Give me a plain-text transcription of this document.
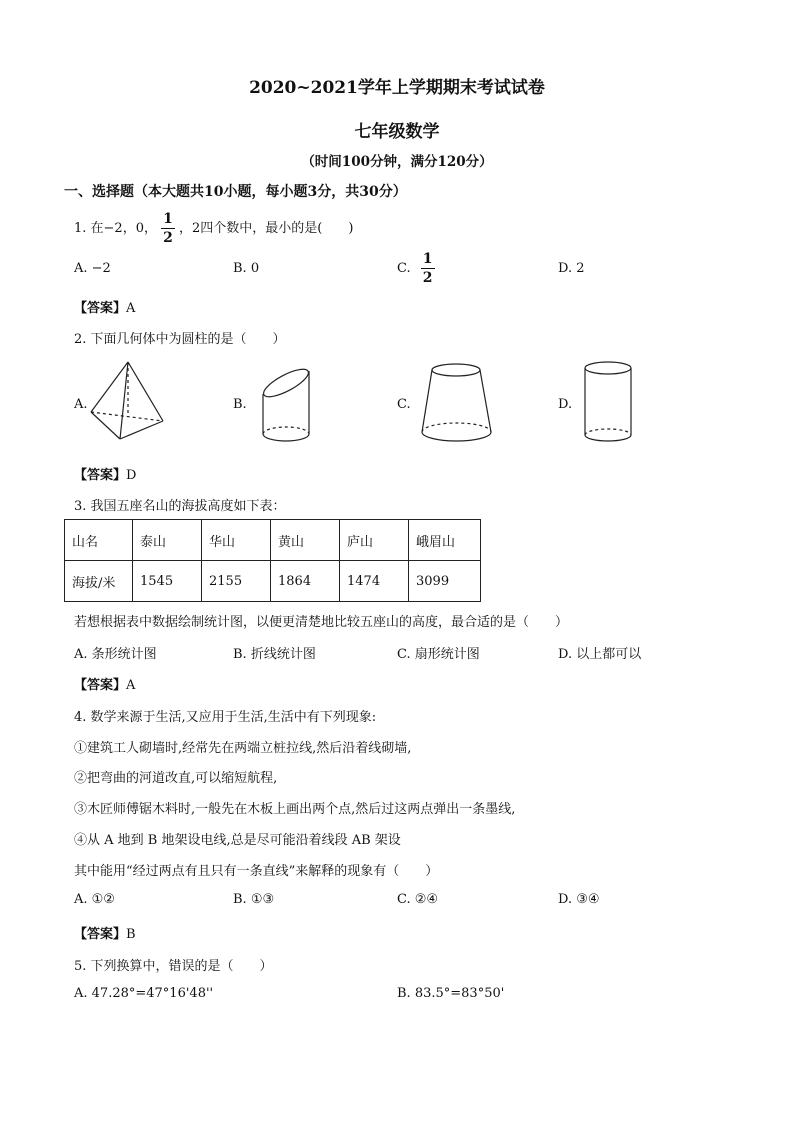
2020~2021学年上学期期末考试试卷
七年级数学
（时间100分钟，满分120分）
一、选择题（本大题共10小题，每小题3分，共30分）
1. 在−2，0， $\frac{1}{2}$ ，2四个数中，最小的是(　　)
A. −2	B. 0	C. $\frac{1}{2}$	D. 2
【答案】A
2. 下面几何体中为圆柱的是（　　）
A.	B.	C.	D.
【答案】D
3. 我国五座名山的海拔高度如下表：
山名	泰山	华山	黄山	庐山	峨眉山
海拔/米	1545	2155	1864	1474	3099
若想根据表中数据绘制统计图，以便更清楚地比较五座山的高度，最合适的是（　　）
A. 条形统计图	B. 折线统计图	C. 扇形统计图	D. 以上都可以
【答案】A
4. 数学来源于生活,又应用于生活,生活中有下列现象:
①建筑工人砌墙时,经常先在两端立桩拉线,然后沿着线砌墙,
②把弯曲的河道改直,可以缩短航程,
③木匠师傅锯木料时,一般先在木板上画出两个点,然后过这两点弹出一条墨线,
④从 A 地到 B 地架设电线,总是尽可能沿着线段 AB 架设
其中能用“经过两点有且只有一条直线”来解释的现象有（　　）
A. ①②	B. ①③	C. ②④	D. ③④
【答案】B
5. 下列换算中，错误的是（　　）
A. 47.28°=47°16'48''	B. 83.5°=83°50'
